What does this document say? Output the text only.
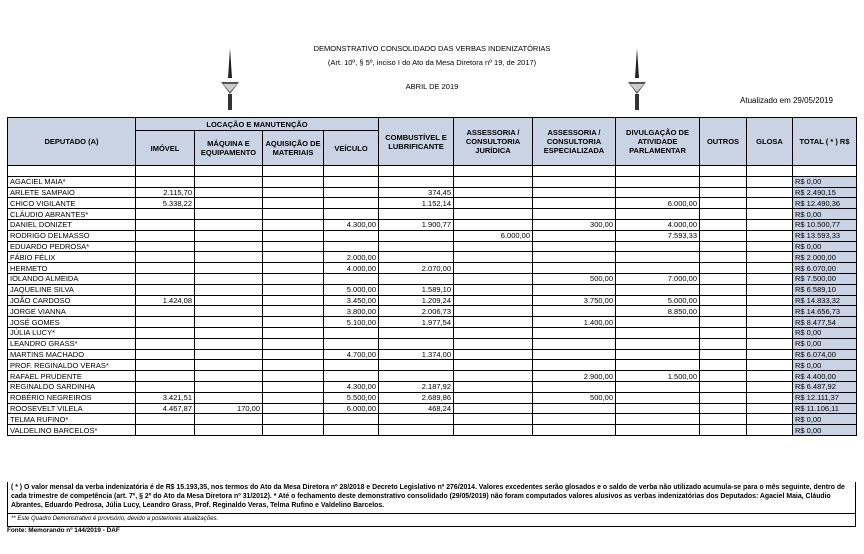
DEMONSTRATIVO CONSOLIDADO DAS VERBAS INDENIZATÓRIAS
(Art. 10º, § 5º, inciso I do Ato da Mesa Diretora nº 19, de 2017)
ABRIL DE 2019
Atualizado em 29/05/2019
DEPUTADO (A)	LOCAÇÃO E MANUTENÇÃO				COMBUSTÍVEL E LUBRIFICANTE	ASSESSORIA / CONSULTORIA JURÍDICA	ASSESSORIA / CONSULTORIA ESPECIALIZADA	DIVULGAÇÃO DE ATIVIDADE PARLAMENTAR	OUTROS	GLOSA	TOTAL ( * ) R$
	IMÓVEL	MÁQUINA E EQUIPAMENTO	AQUISIÇÃO DE MATERIAIS	VEÍCULO							

AGACIEL MAIA*											R$ 0,00
ARLETE SAMPAIO	2.115,70				374,45						R$ 2.490,15
CHICO VIGILANTE	5.338,22				1.152,14			6.000,00			R$ 12.490,36
CLÁUDIO ABRANTES*											R$ 0,00
DANIEL DONIZET				4.300,00	1.900,77		300,00	4.000,00			R$ 10.500,77
RODRIGO DELMASSO						6.000,00		7.593,33			R$ 13.593,33
EDUARDO PEDROSA*											R$ 0,00
FÁBIO FÉLIX				2.000,00							R$ 2.000,00
HERMETO				4.000,00	2.070,00						R$ 6.070,00
IOLANDO ALMEIDA							500,00	7.000,00			R$ 7.500,00
JAQUELINE SILVA				5.000,00	1.589,10						R$ 6.589,10
JOÃO CARDOSO	1.424,08			3.450,00	1.209,24		3.750,00	5.000,00			R$ 14.833,32
JORGE VIANNA				3.800,00	2.006,73			8.850,00			R$ 14.656,73
JOSÉ GOMES				5.100,00	1.977,54		1.400,00				R$ 8.477,54
JÚLIA LUCY*											R$ 0,00
LEANDRO GRASS*											R$ 0,00
MARTINS MACHADO				4.700,00	1.374,00						R$ 6.074,00
PROF. REGINALDO VERAS*											R$ 0,00
RAFAEL PRUDENTE							2.900,00	1.500,00			R$ 4.400,00
REGINALDO SARDINHA				4.300,00	2.187,92						R$ 6.487,92
ROBÉRIO NEGREIROS	3.421,51			5.500,00	2.689,86		500,00				R$ 12.111,37
ROOSEVELT VILELA	4.467,87	170,00		6.000,00	468,24						R$ 11.106,11
TELMA RUFINO*											R$ 0,00
VALDELINO BARCELOS*											R$ 0,00
( * ) O valor mensal da verba indenizatória é de R$ 15.193,35, nos termos do Ato da Mesa Diretora nº 28/2018 e Decreto Legislativo nº 276/2014. Valores excedentes serão glosados e o saldo de verba não utilizado acumula-se para o mês seguinte, dentro de cada trimestre de competência (art. 7º, § 2º do Ato da Mesa Diretora nº 31/2012). * Até o fechamento deste demonstrativo consolidado (29/05/2019) não foram computados valores alusivos as verbas indenizatórias dos Deputados: Agaciel Maia, Cláudio Abrantes, Eduardo Pedrosa, Júlia Lucy, Leandro Grass, Prof. Reginaldo Veras, Telma Rufino e Valdelino Barcelos.
** Este Quadro Demonstrativo é provisório, devido a posteriores atualizações.
Fonte: Memorando nº 144/2019 - DAF
